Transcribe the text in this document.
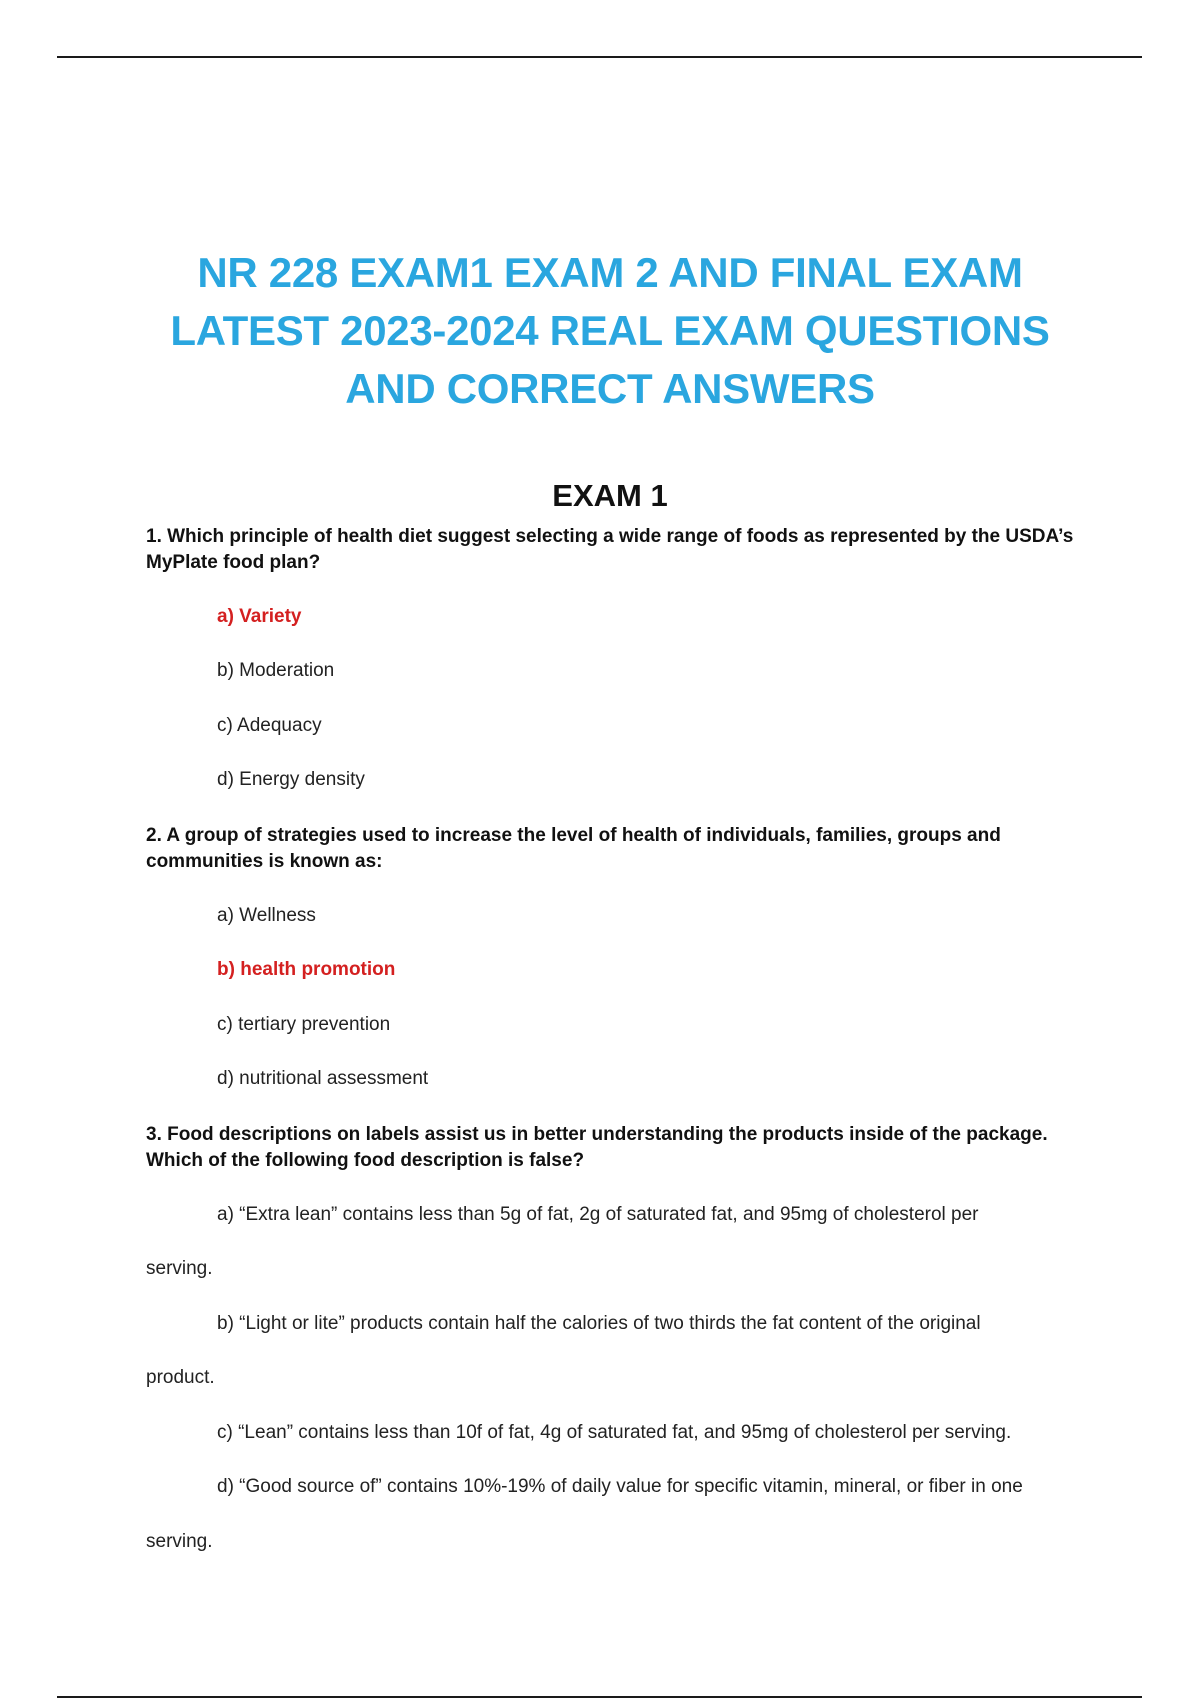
NR 228 EXAM1 EXAM 2 AND FINAL EXAM
LATEST 2023-2024 REAL EXAM QUESTIONS
AND CORRECT ANSWERS
EXAM 1
1. Which principle of health diet suggest selecting a wide range of foods as represented by the USDA’s
MyPlate food plan?
a) Variety
b) Moderation
c) Adequacy
d) Energy density
2. A group of strategies used to increase the level of health of individuals, families, groups and
communities is known as:
a) Wellness
b) health promotion
c) tertiary prevention
d) nutritional assessment
3. Food descriptions on labels assist us in better understanding the products inside of the package.
Which of the following food description is false?
a) “Extra lean” contains less than 5g of fat, 2g of saturated fat, and 95mg of cholesterol per
serving.
b) “Light or lite” products contain half the calories of two thirds the fat content of the original
product.
c) “Lean” contains less than 10f of fat, 4g of saturated fat, and 95mg of cholesterol per serving.
d) “Good source of” contains 10%-19% of daily value for specific vitamin, mineral, or fiber in one
serving.
